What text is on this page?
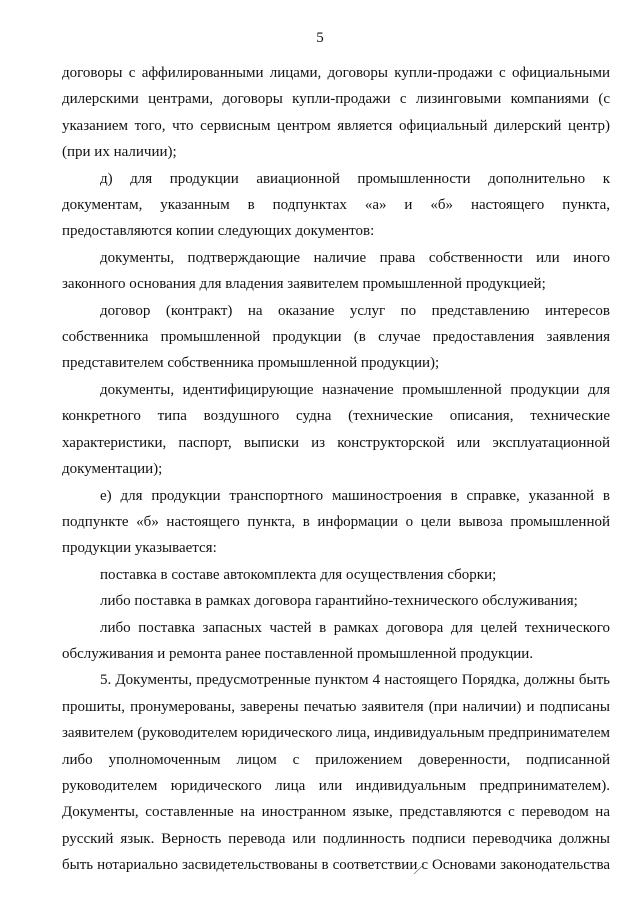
5

договоры с аффилированными лицами, договоры купли-продажи с официальными дилерскими центрами, договоры купли-продажи с лизинговыми компаниями (с указанием того, что сервисным центром является официальный дилерский центр) (при их наличии);

д) для продукции авиационной промышленности дополнительно к документам, указанным в подпунктах «а» и «б» настоящего пункта, предоставляются копии следующих документов:

документы, подтверждающие наличие права собственности или иного законного основания для владения заявителем промышленной продукцией;

договор (контракт) на оказание услуг по представлению интересов собственника промышленной продукции (в случае предоставления заявления представителем собственника промышленной продукции);

документы, идентифицирующие назначение промышленной продукции для конкретного типа воздушного судна (технические описания, технические характеристики, паспорт, выписки из конструкторской или эксплуатационной документации);

е) для продукции транспортного машиностроения в справке, указанной в подпункте «б» настоящего пункта, в информации о цели вывоза промышленной продукции указывается:

поставка в составе автокомплекта для осуществления сборки;

либо поставка в рамках договора гарантийно-технического обслуживания;

либо поставка запасных частей в рамках договора для целей технического обслуживания и ремонта ранее поставленной промышленной продукции.

5. Документы, предусмотренные пунктом 4 настоящего Порядка, должны быть прошиты, пронумерованы, заверены печатью заявителя (при наличии) и подписаны заявителем (руководителем юридического лица, индивидуальным предпринимателем либо уполномоченным лицом с приложением доверенности, подписанной руководителем юридического лица или индивидуальным предпринимателем). Документы, составленные на иностранном языке, представляются с переводом на русский язык. Верность перевода или подлинность подписи переводчика должны быть нотариально засвидетельствованы в соответствии с Основами законодательства
